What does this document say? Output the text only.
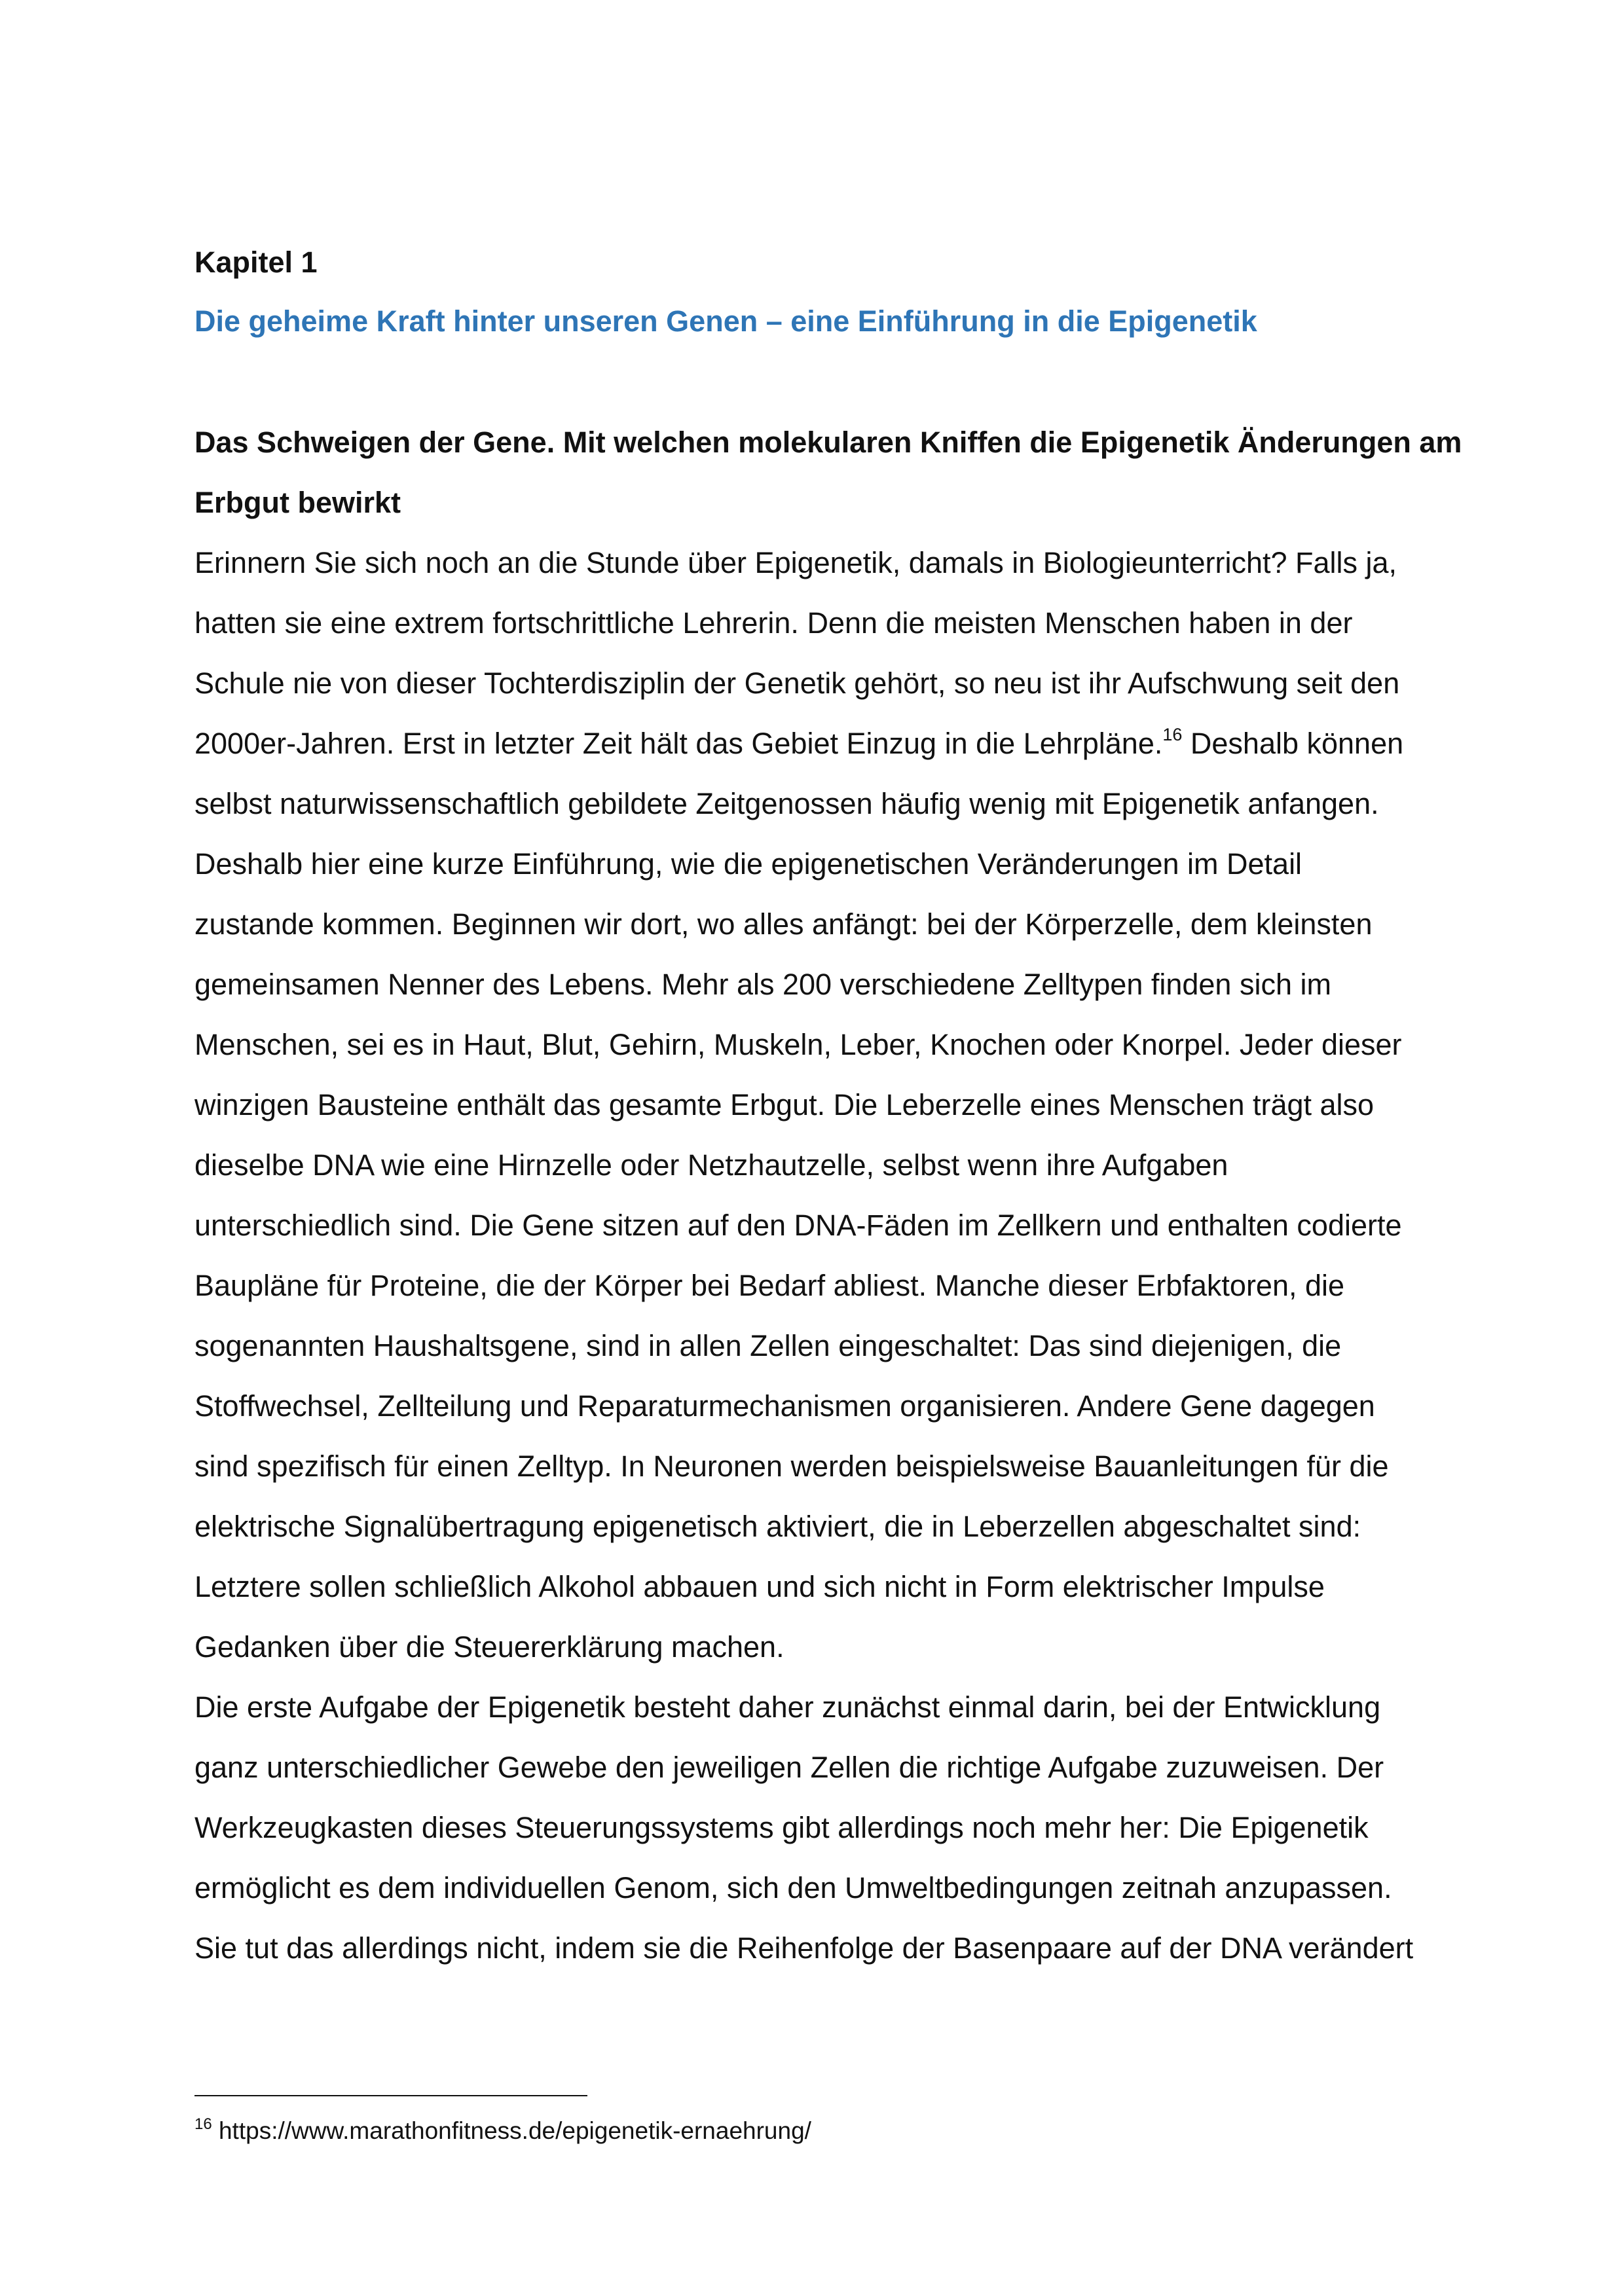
Kapitel 1
Die geheime Kraft hinter unseren Genen – eine Einführung in die Epigenetik
Das Schweigen der Gene. Mit welchen molekularen Kniffen die Epigenetik Änderungen am
Erbgut bewirkt
Erinnern Sie sich noch an die Stunde über Epigenetik, damals in Biologieunterricht? Falls ja,
hatten sie eine extrem fortschrittliche Lehrerin. Denn die meisten Menschen haben in der
Schule nie von dieser Tochterdisziplin der Genetik gehört, so neu ist ihr Aufschwung seit den
2000er-Jahren. Erst in letzter Zeit hält das Gebiet Einzug in die Lehrpläne.$^{16}$ Deshalb können
selbst naturwissenschaftlich gebildete Zeitgenossen häufig wenig mit Epigenetik anfangen.
Deshalb hier eine kurze Einführung, wie die epigenetischen Veränderungen im Detail
zustande kommen. Beginnen wir dort, wo alles anfängt: bei der Körperzelle, dem kleinsten
gemeinsamen Nenner des Lebens. Mehr als 200 verschiedene Zelltypen finden sich im
Menschen, sei es in Haut, Blut, Gehirn, Muskeln, Leber, Knochen oder Knorpel. Jeder dieser
winzigen Bausteine enthält das gesamte Erbgut. Die Leberzelle eines Menschen trägt also
dieselbe DNA wie eine Hirnzelle oder Netzhautzelle, selbst wenn ihre Aufgaben
unterschiedlich sind. Die Gene sitzen auf den DNA-Fäden im Zellkern und enthalten codierte
Baupläne für Proteine, die der Körper bei Bedarf abliest. Manche dieser Erbfaktoren, die
sogenannten Haushaltsgene, sind in allen Zellen eingeschaltet: Das sind diejenigen, die
Stoffwechsel, Zellteilung und Reparaturmechanismen organisieren. Andere Gene dagegen
sind spezifisch für einen Zelltyp. In Neuronen werden beispielsweise Bauanleitungen für die
elektrische Signalübertragung epigenetisch aktiviert, die in Leberzellen abgeschaltet sind:
Letztere sollen schließlich Alkohol abbauen und sich nicht in Form elektrischer Impulse
Gedanken über die Steuererklärung machen.
Die erste Aufgabe der Epigenetik besteht daher zunächst einmal darin, bei der Entwicklung
ganz unterschiedlicher Gewebe den jeweiligen Zellen die richtige Aufgabe zuzuweisen. Der
Werkzeugkasten dieses Steuerungssystems gibt allerdings noch mehr her: Die Epigenetik
ermöglicht es dem individuellen Genom, sich den Umweltbedingungen zeitnah anzupassen.
Sie tut das allerdings nicht, indem sie die Reihenfolge der Basenpaare auf der DNA verändert
$^{16}$ https://www.marathonfitness.de/epigenetik-ernaehrung/
